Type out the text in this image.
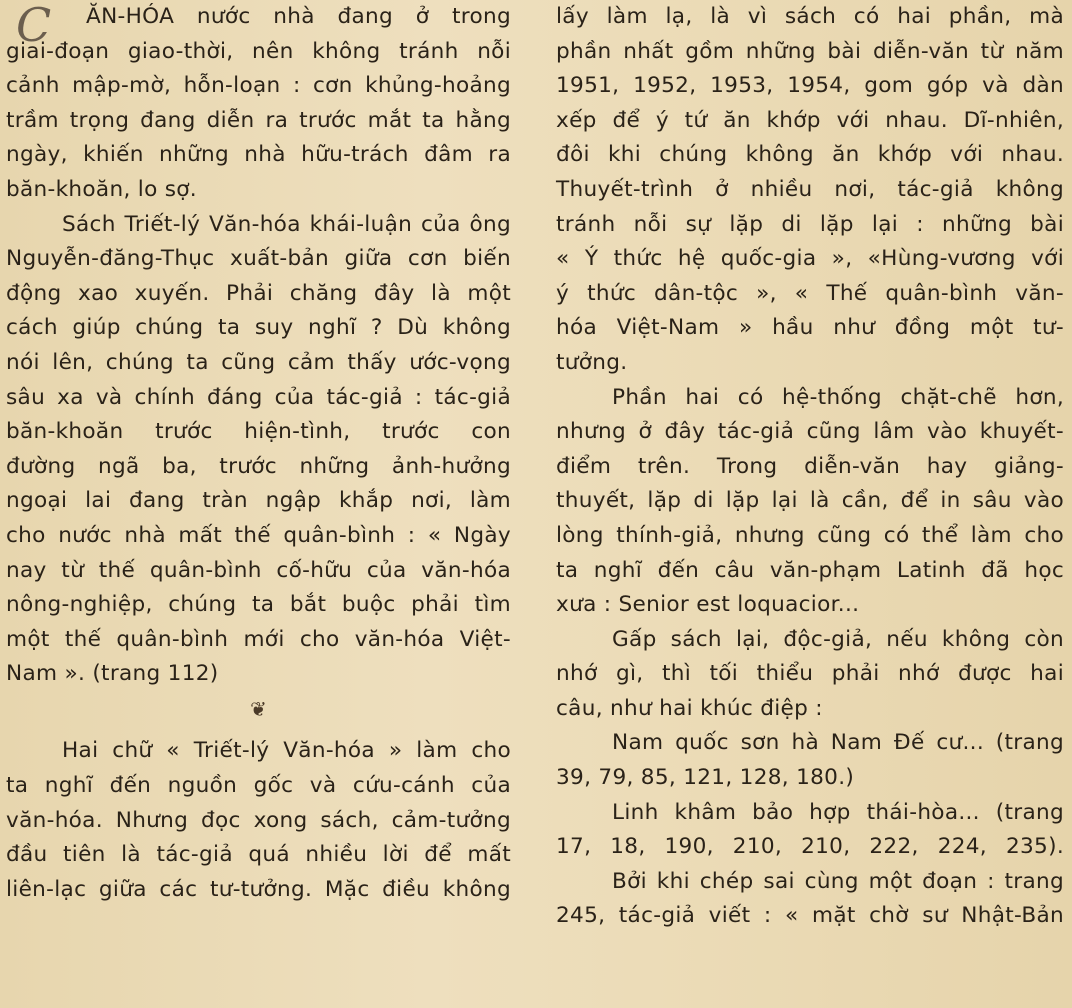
C	ĂN-HÓA nước nhà đang ở trong
giai-đoạn giao-thời, nên không tránh nỗi
cảnh mập-mờ, hỗn-loạn : cơn khủng-hoảng
trầm trọng đang diễn ra trước mắt ta hằng
ngày, khiến những nhà hữu-trách đâm ra
băn-khoăn, lo sợ.
Sách Triết-lý Văn-hóa khái-luận của ông
Nguyễn-đăng-Thục xuất-bản giữa cơn biến
động xao xuyến. Phải chăng đây là một
cách giúp chúng ta suy nghĩ ? Dù không
nói lên, chúng ta cũng cảm thấy ước-vọng
sâu xa và chính đáng của tác-giả : tác-giả
băn-khoăn trước hiện-tình, trước con
đường ngã ba, trước những ảnh-hưởng
ngoại lai đang tràn ngập khắp nơi, làm
cho nước nhà mất thế quân-bình : « Ngày
nay từ thế quân-bình cố-hữu của văn-hóa
nông-nghiệp, chúng ta bắt buộc phải tìm
một thế quân-bình mới cho văn-hóa Việt-
Nam ». (trang 112)
❦
Hai chữ « Triết-lý Văn-hóa » làm cho
ta nghĩ đến nguồn gốc và cứu-cánh của
văn-hóa. Nhưng đọc xong sách, cảm-tưởng
đầu tiên là tác-giả quá nhiều lời để mất
liên-lạc giữa các tư-tưởng. Mặc điều không
lấy làm lạ, là vì sách có hai phần, mà
phần nhất gồm những bài diễn-văn từ năm
1951, 1952, 1953, 1954, gom góp và dàn
xếp để ý tứ ăn khớp với nhau. Dĩ-nhiên,
đôi khi chúng không ăn khớp với nhau.
Thuyết-trình ở nhiều nơi, tác-giả không
tránh nỗi sự lặp di lặp lại : những bài
« Ý thức hệ quốc-gia », «Hùng-vương với
ý thức dân-tộc », « Thế quân-bình văn-
hóa Việt-Nam » hầu như đồng một tư-
tưởng.
Phần hai có hệ-thống chặt-chẽ hơn,
nhưng ở đây tác-giả cũng lâm vào khuyết-
điểm trên. Trong diễn-văn hay giảng-
thuyết, lặp di lặp lại là cần, để in sâu vào
lòng thính-giả, nhưng cũng có thể làm cho
ta nghĩ đến câu văn-phạm Latinh đã học
xưa : Senior est loquacior...
Gấp sách lại, độc-giả, nếu không còn
nhớ gì, thì tối thiểu phải nhớ được hai
câu, như hai khúc điệp :
Nam quốc sơn hà Nam Đế cư... (trang
39, 79, 85, 121, 128, 180.)
Linh khâm bảo hợp thái-hòa... (trang
17, 18, 190, 210, 210, 222, 224, 235).
Bởi khi chép sai cùng một đoạn : trang
245, tác-giả viết : « mặt chờ sư Nhật-Bản
